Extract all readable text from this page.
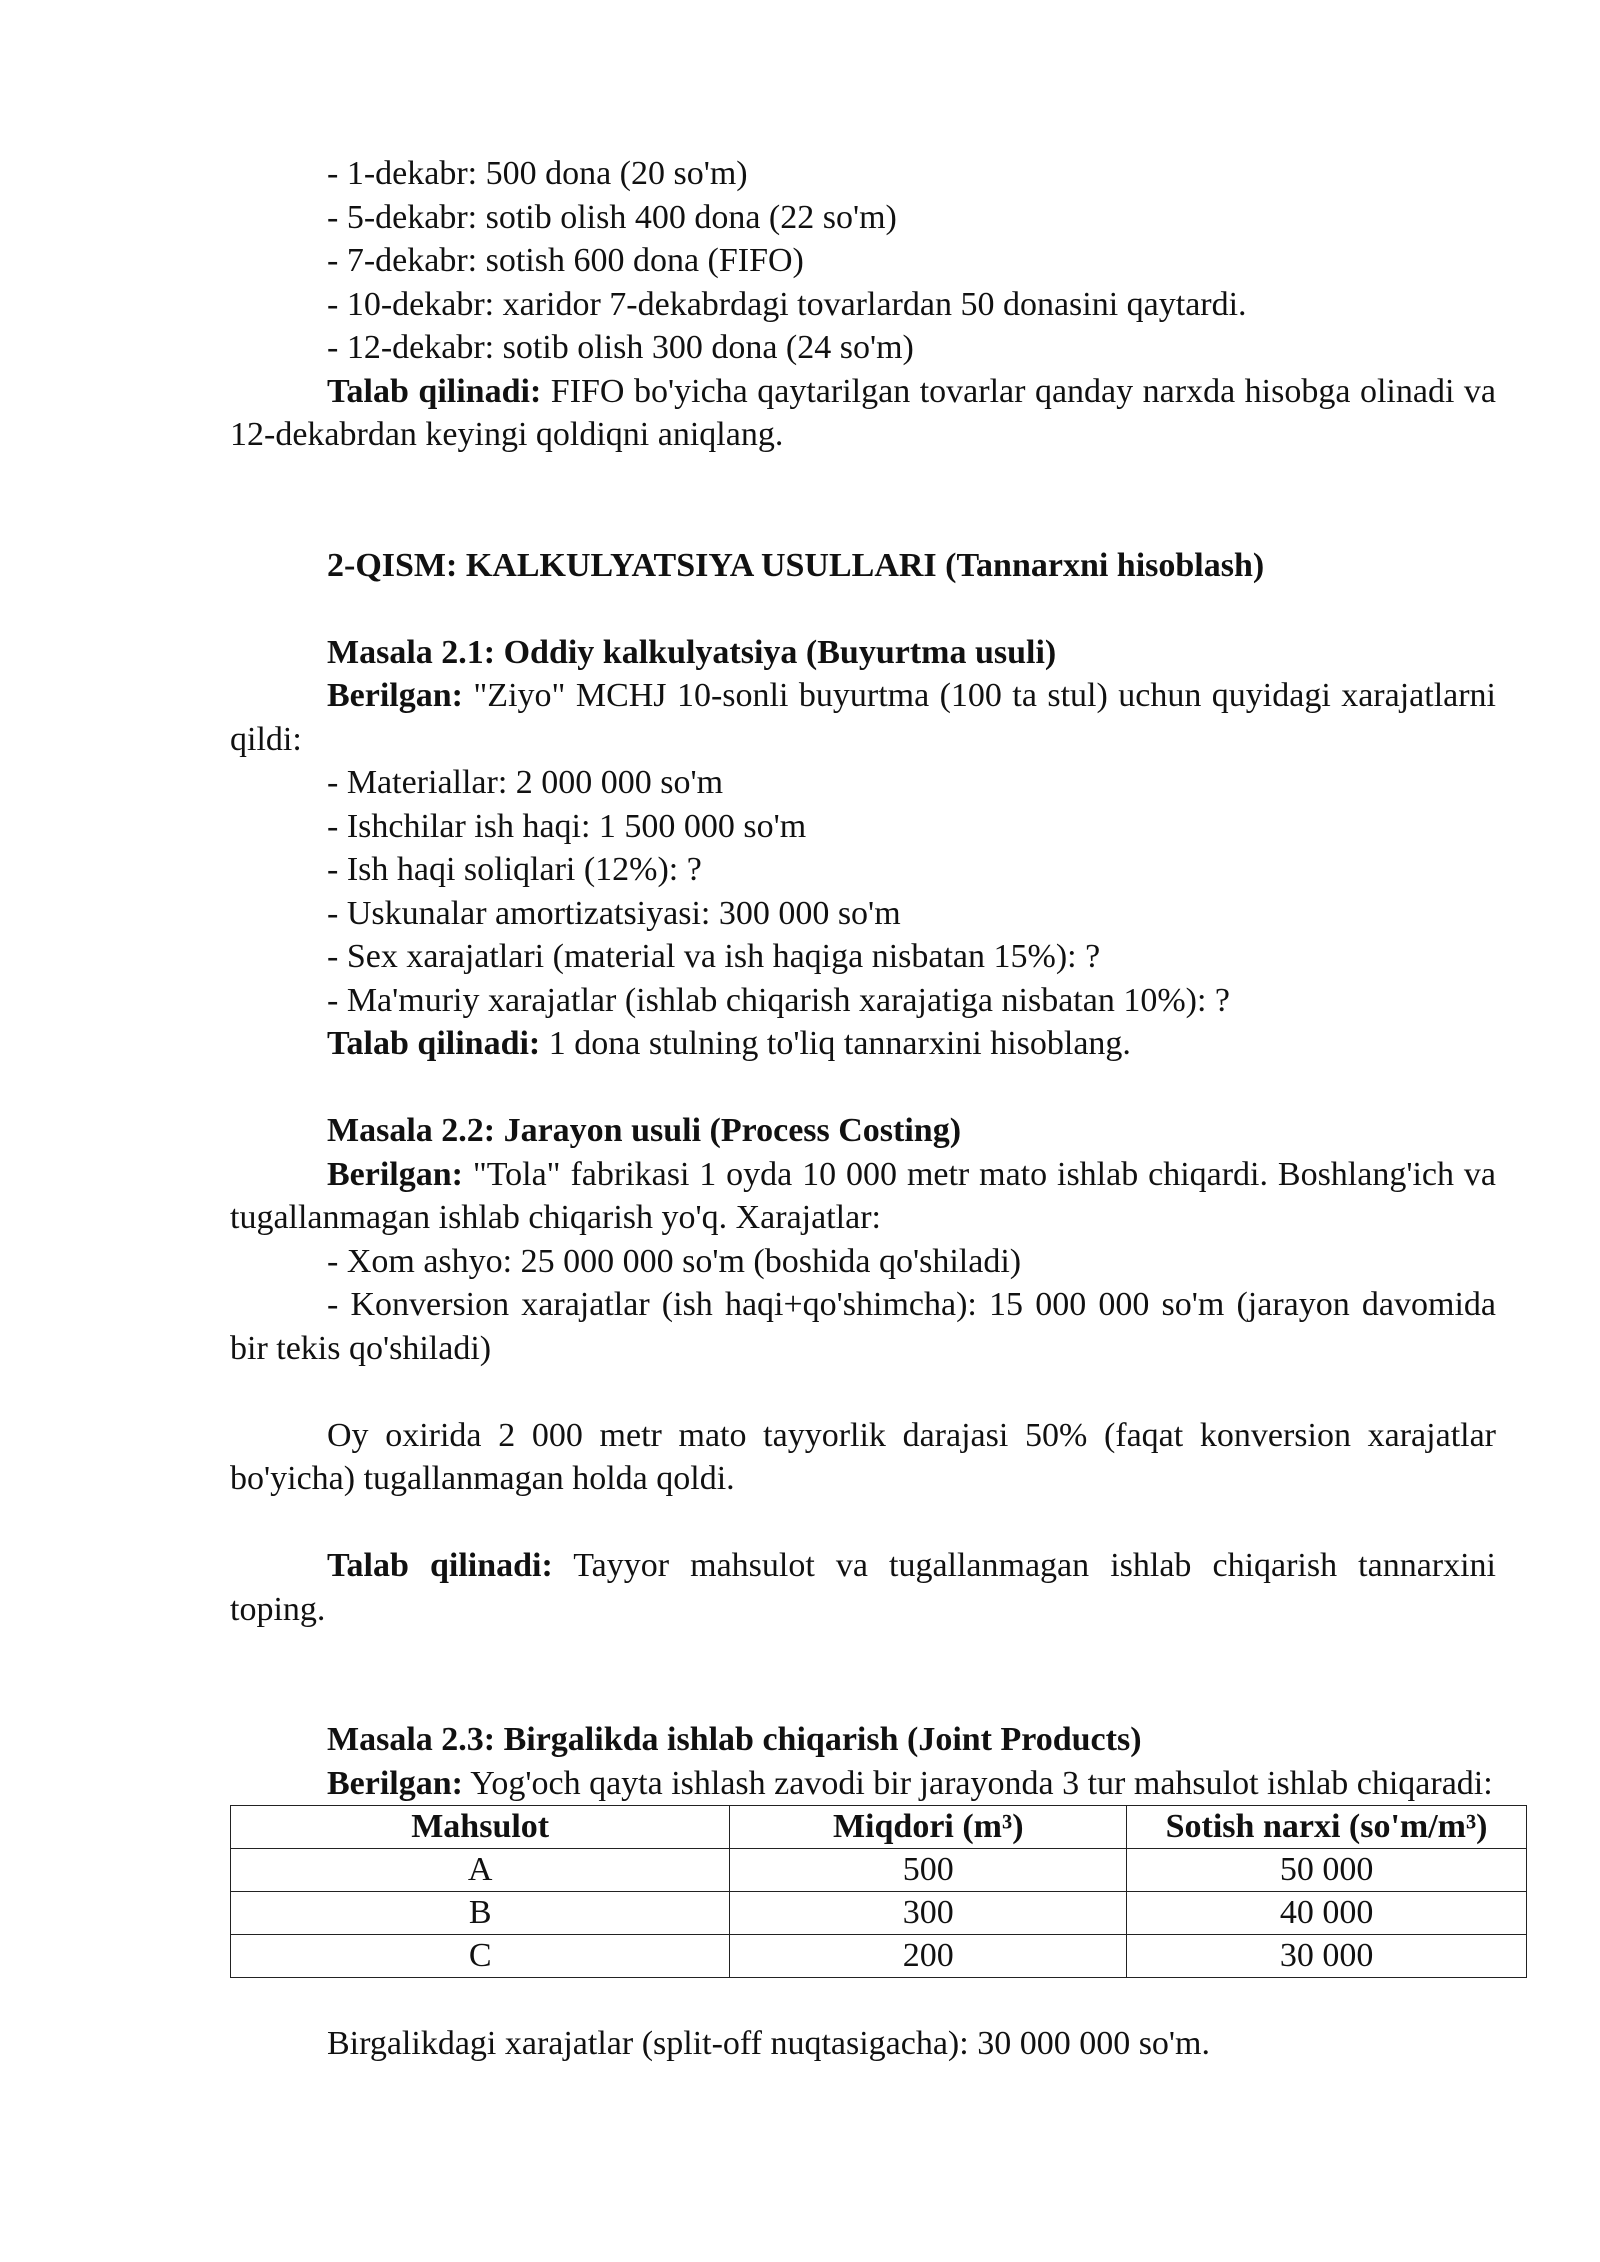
- 1-dekabr: 500 dona (20 so'm)

- 5-dekabr: sotib olish 400 dona (22 so'm)

- 7-dekabr: sotish 600 dona (FIFO)

- 10-dekabr: xaridor 7-dekabrdagi tovarlardan 50 donasini qaytardi.

- 12-dekabr: sotib olish 300 dona (24 so'm)

Talab qilinadi: FIFO bo'yicha qaytarilgan tovarlar qanday narxda hisobga olinadi va 12-dekabrdan keyingi qoldiqni aniqlang.

2-QISM: KALKULYATSIYA USULLARI (Tannarxni hisoblash)

Masala 2.1: Oddiy kalkulyatsiya (Buyurtma usuli)

Berilgan: "Ziyo" MCHJ 10-sonli buyurtma (100 ta stul) uchun quyidagi xarajatlarni qildi:

- Materiallar: 2 000 000 so'm

- Ishchilar ish haqi: 1 500 000 so'm

- Ish haqi soliqlari (12%): ?

- Uskunalar amortizatsiyasi: 300 000 so'm

- Sex xarajatlari (material va ish haqiga nisbatan 15%): ?

- Ma'muriy xarajatlar (ishlab chiqarish xarajatiga nisbatan 10%): ?

Talab qilinadi: 1 dona stulning to'liq tannarxini hisoblang.

Masala 2.2: Jarayon usuli (Process Costing)

Berilgan: "Tola" fabrikasi 1 oyda 10 000 metr mato ishlab chiqardi. Boshlang'ich va tugallanmagan ishlab chiqarish yo'q. Xarajatlar:

- Xom ashyo: 25 000 000 so'm (boshida qo'shiladi)

- Konversion xarajatlar (ish haqi+qo'shimcha): 15 000 000 so'm (jarayon davomida bir tekis qo'shiladi)

Oy oxirida 2 000 metr mato tayyorlik darajasi 50% (faqat konversion xarajatlar bo'yicha) tugallanmagan holda qoldi.

Talab qilinadi: Tayyor mahsulot va tugallanmagan ishlab chiqarish tannarxini toping.

Masala 2.3: Birgalikda ishlab chiqarish (Joint Products)

Berilgan: Yog'och qayta ishlash zavodi bir jarayonda 3 tur mahsulot ishlab chiqaradi:

Mahsulot	Miqdori (m³)	Sotish narxi (so'm/m³)
A	500	50 000
B	300	40 000
C	200	30 000

Birgalikdagi xarajatlar (split-off nuqtasigacha): 30 000 000 so'm.
